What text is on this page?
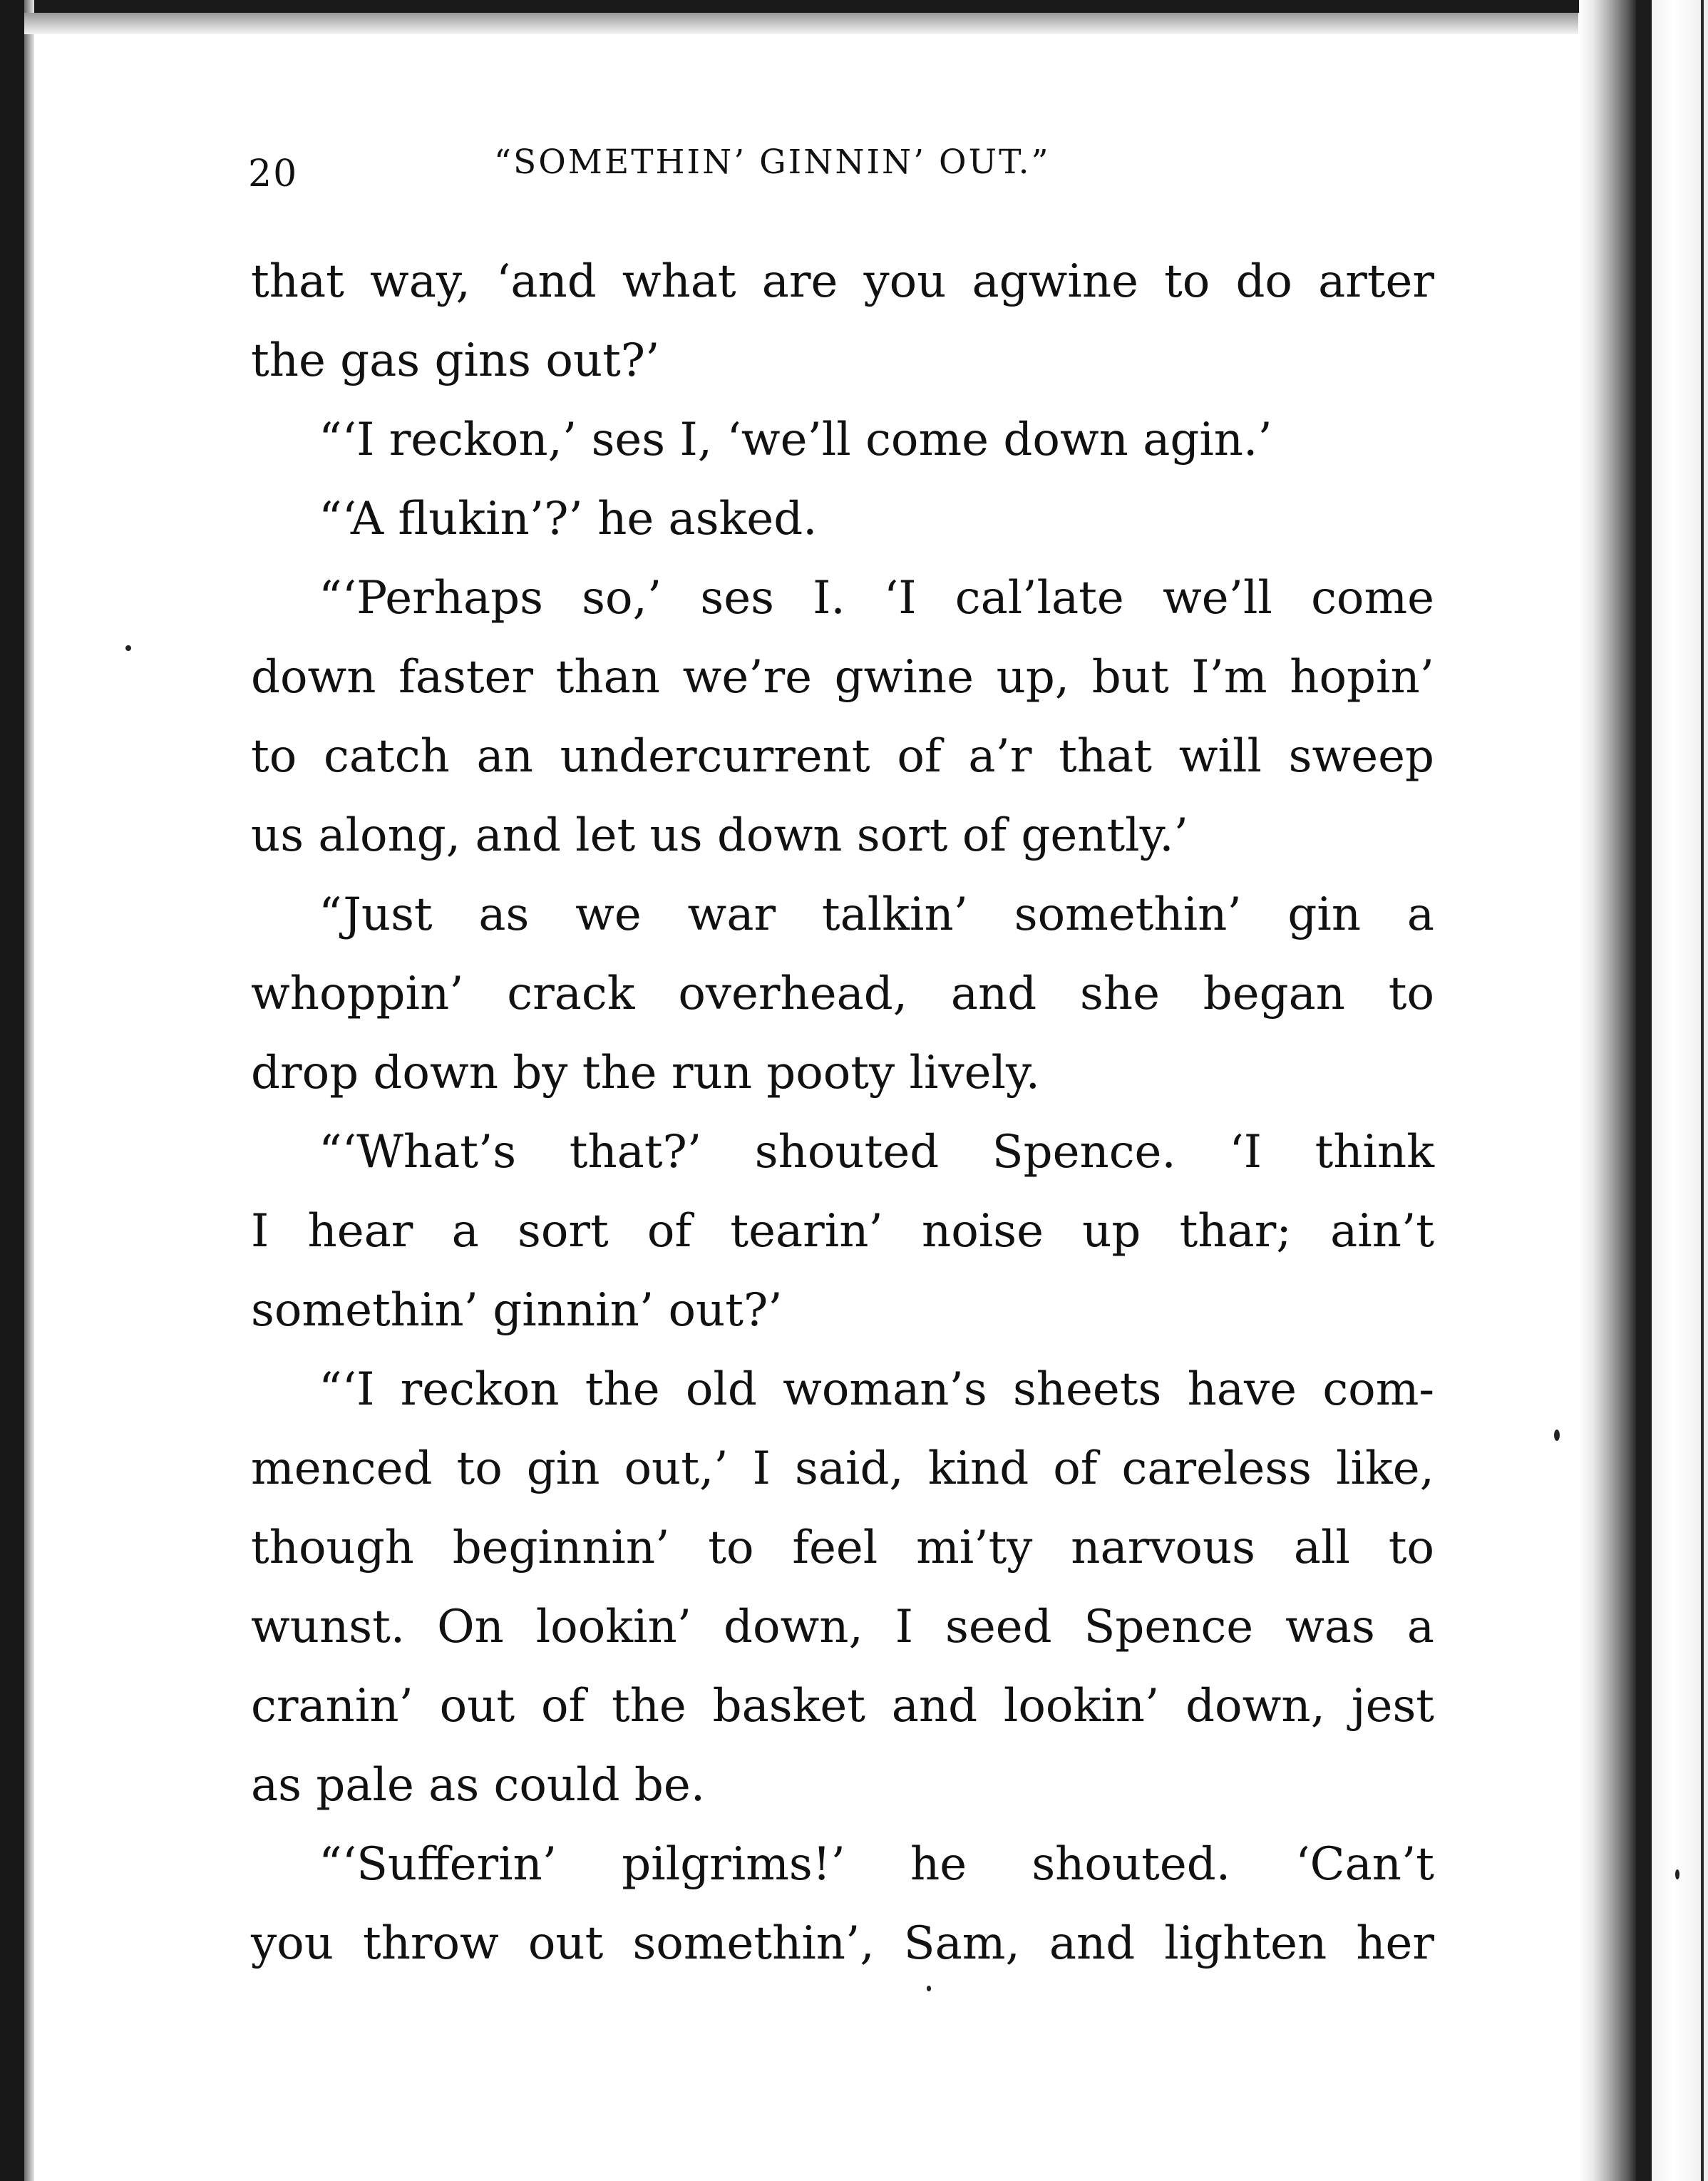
20	“SOMETHIN’ GINNIN’ OUT.”
that way, ‘and what are you agwine to do arter
the gas gins out?’
“‘I reckon,’ ses I, ‘we’ll come down agin.’
“‘A flukin’?’ he asked.
“‘Perhaps so,’ ses I. ‘I cal’late we’ll come
down faster than we’re gwine up, but I’m hopin’
to catch an undercurrent of a’r that will sweep
us along, and let us down sort of gently.’
“Just as we war talkin’ somethin’ gin a
whoppin’ crack overhead, and she began to
drop down by the run pooty lively.
“‘What’s that?’ shouted Spence. ‘I think
I hear a sort of tearin’ noise up thar; ain’t
somethin’ ginnin’ out?’
“‘I reckon the old woman’s sheets have com-
menced to gin out,’ I said, kind of careless like,
though beginnin’ to feel mi’ty narvous all to
wunst. On lookin’ down, I seed Spence was a
cranin’ out of the basket and lookin’ down, jest
as pale as could be.
“‘Sufferin’ pilgrims!’ he shouted. ‘Can’t
you throw out somethin’, Sam, and lighten her
